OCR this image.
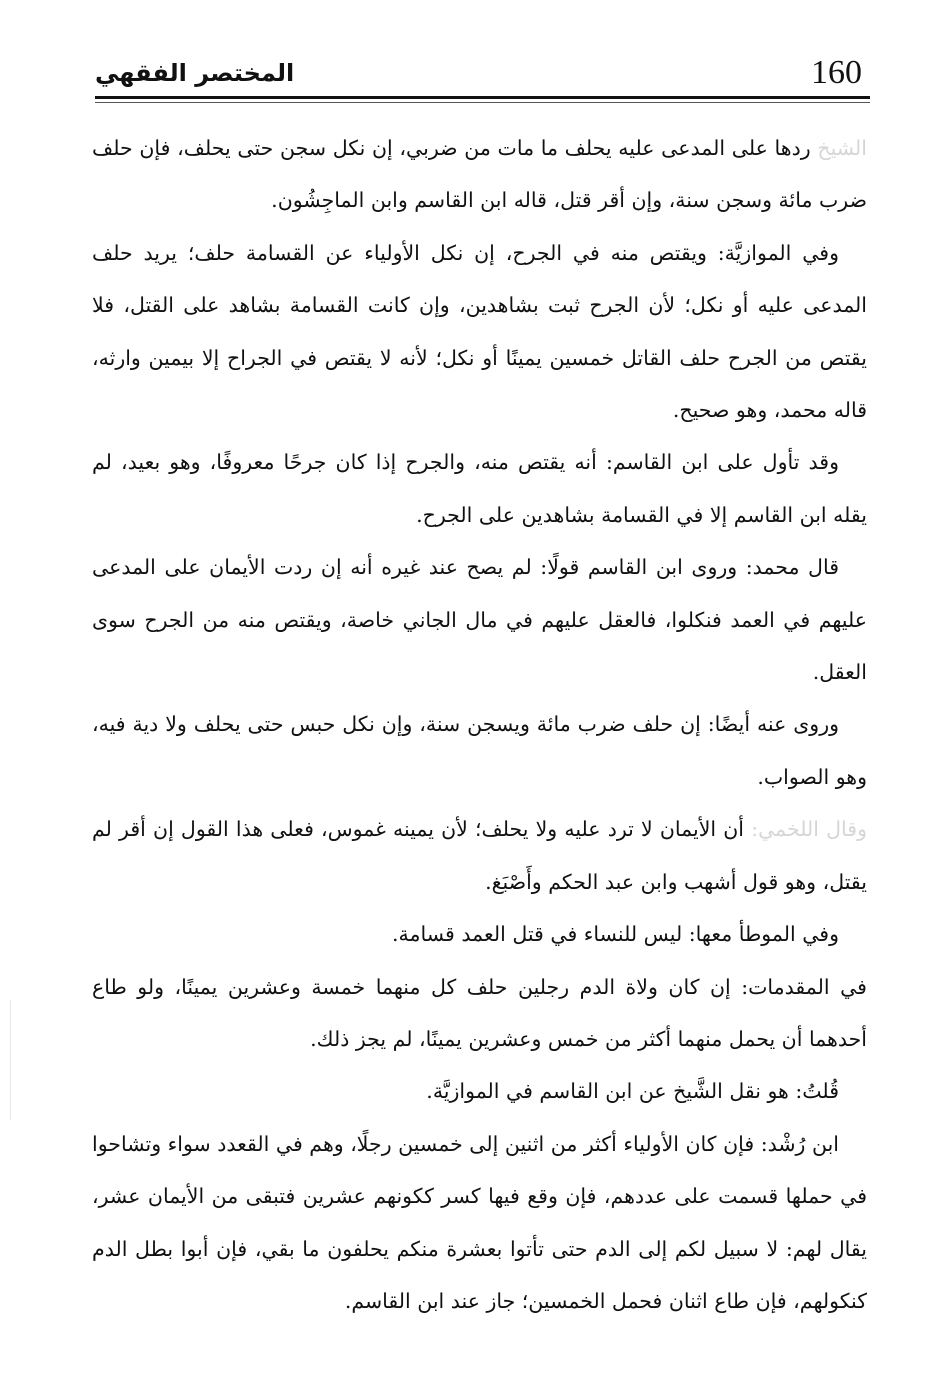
160
المختصر الفقهي

الشيخ ردها على المدعى عليه يحلف ما مات من ضربي، إن نكل سجن حتى يحلف، فإن حلف ضرب مائة وسجن سنة، وإن أقر قتل، قاله ابن القاسم وابن الماجِشُون.

وفي الموازيَّة: ويقتص منه في الجرح، إن نكل الأولياء عن القسامة حلف؛ يريد حلف المدعى عليه أو نكل؛ لأن الجرح ثبت بشاهدين، وإن كانت القسامة بشاهد على القتل، فلا يقتص من الجرح حلف القاتل خمسين يمينًا أو نكل؛ لأنه لا يقتص في الجراح إلا بيمين وارثه، قاله محمد، وهو صحيح.

وقد تأول على ابن القاسم: أنه يقتص منه، والجرح إذا كان جرحًا معروفًا، وهو بعيد، لم يقله ابن القاسم إلا في القسامة بشاهدين على الجرح.

قال محمد: وروى ابن القاسم قولًا: لم يصح عند غيره أنه إن ردت الأيمان على المدعى عليهم في العمد فنكلوا، فالعقل عليهم في مال الجاني خاصة، ويقتص منه من الجرح سوى العقل.

وروى عنه أيضًا: إن حلف ضرب مائة ويسجن سنة، وإن نكل حبس حتى يحلف ولا دية فيه، وهو الصواب.

وقال اللخمي: أن الأيمان لا ترد عليه ولا يحلف؛ لأن يمينه غموس، فعلى هذا القول إن أقر لم يقتل، وهو قول أشهب وابن عبد الحكم وأَصْبَغ.

وفي الموطأ معها: ليس للنساء في قتل العمد قسامة.

في المقدمات: إن كان ولاة الدم رجلين حلف كل منهما خمسة وعشرين يمينًا، ولو طاع أحدهما أن يحمل منهما أكثر من خمس وعشرين يمينًا، لم يجز ذلك.

قُلتُ: هو نقل الشَّيخ عن ابن القاسم في الموازيَّة.

ابن رُشْد: فإن كان الأولياء أكثر من اثنين إلى خمسين رجلًا، وهم في القعدد سواء وتشاحوا في حملها قسمت على عددهم، فإن وقع فيها كسر ككونهم عشرين فتبقى من الأيمان عشر، يقال لهم: لا سبيل لكم إلى الدم حتى تأتوا بعشرة منكم يحلفون ما بقي، فإن أبوا بطل الدم كنكولهم، فإن طاع اثنان فحمل الخمسين؛ جاز عند ابن القاسم.
